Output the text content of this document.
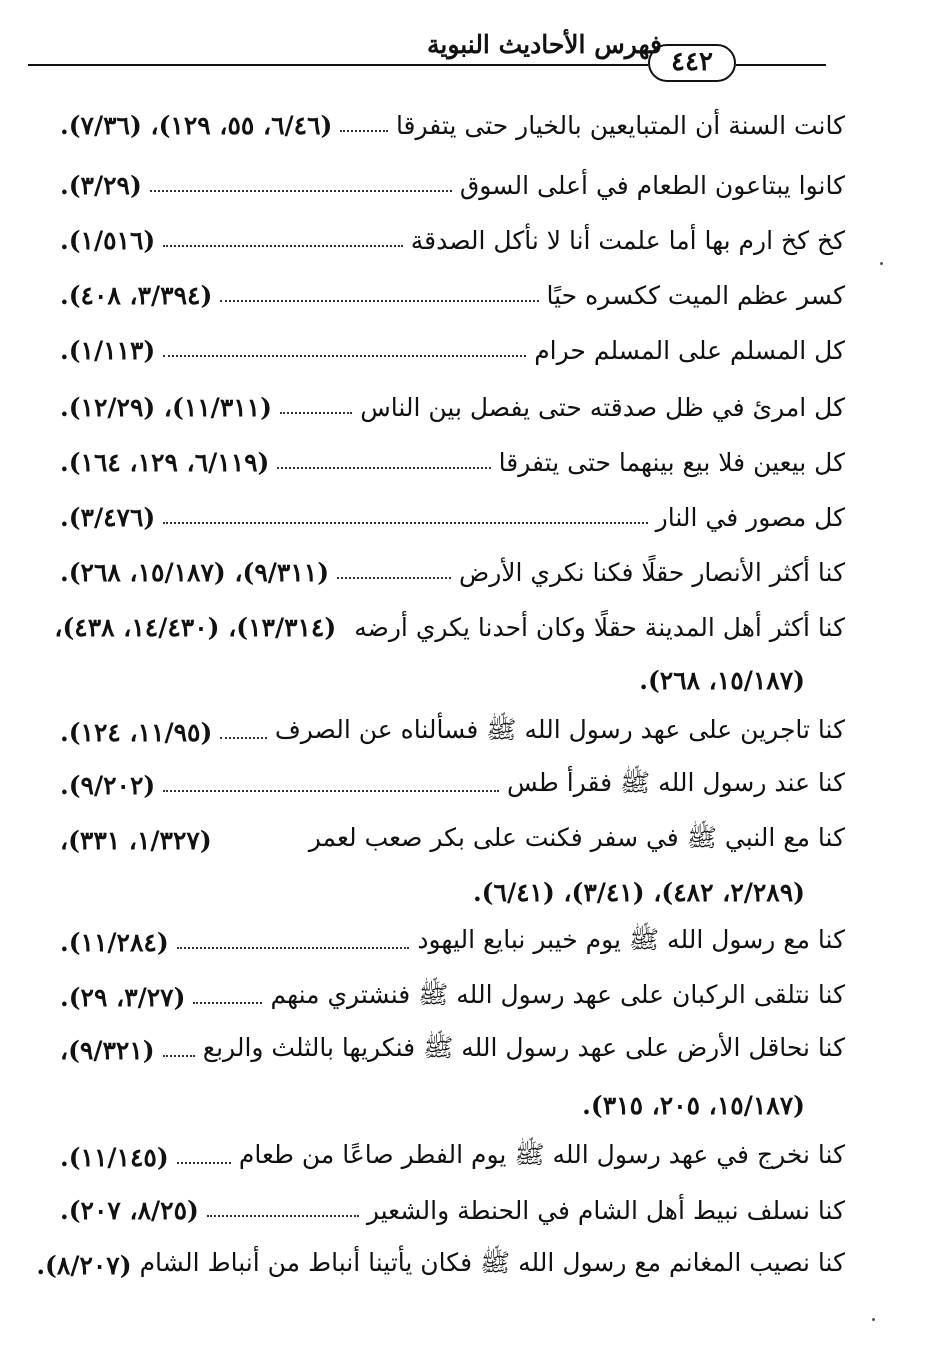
فهرس الأحاديث النبوية
٤٤٢
كانت السنة أن المتبايعين بالخيار حتى يتفرقا
(٦/٤٦، ٥٥، ١٢٩)، (٧/٣٦).
كانوا يبتاعون الطعام في أعلى السوق
(٣/٢٩).
كخ كخ ارم بها أما علمت أنا لا نأكل الصدقة
(١/٥١٦).
كسر عظم الميت ككسره حيًا
(٣/٣٩٤، ٤٠٨).
كل المسلم على المسلم حرام
(١/١١٣).
كل امرئ في ظل صدقته حتى يفصل بين الناس
(١١/٣١١)، (١٢/٢٩).
كل بيعين فلا بيع بينهما حتى يتفرقا
(٦/١١٩، ١٢٩، ١٦٤).
كل مصور في النار
(٣/٤٧٦).
كنا أكثر الأنصار حقلًا فكنا نكري الأرض
(٩/٣١١)، (١٥/١٨٧، ٢٦٨).
كنا أكثر أهل المدينة حقلًا وكان أحدنا يكري أرضه
(١٣/٣١٤)، (١٤/٤٣٠، ٤٣٨)،
(١٥/١٨٧، ٢٦٨).
كنا تاجرين على عهد رسول الله ﷺ فسألناه عن الصرف
(١١/٩٥، ١٢٤).
كنا عند رسول الله ﷺ فقرأ طس
(٩/٢٠٢).
كنا مع النبي ﷺ في سفر فكنت على بكر صعب لعمر
(١/٣٢٧، ٣٣١)،
(٢/٢٨٩، ٤٨٢)، (٣/٤١)، (٦/٤١).
كنا مع رسول الله ﷺ يوم خيبر نبايع اليهود
(١١/٢٨٤).
كنا نتلقى الركبان على عهد رسول الله ﷺ فنشتري منهم
(٣/٢٧، ٢٩).
كنا نحاقل الأرض على عهد رسول الله ﷺ فنكريها بالثلث والربع
(٩/٣٢١)،
(١٥/١٨٧، ٢٠٥، ٣١٥).
كنا نخرج في عهد رسول الله ﷺ يوم الفطر صاعًا من طعام
(١١/١٤٥).
كنا نسلف نبيط أهل الشام في الحنطة والشعير
(٨/٢٥، ٢٠٧).
كنا نصيب المغانم مع رسول الله ﷺ فكان يأتينا أنباط من أنباط الشام
(٨/٢٠٧).
